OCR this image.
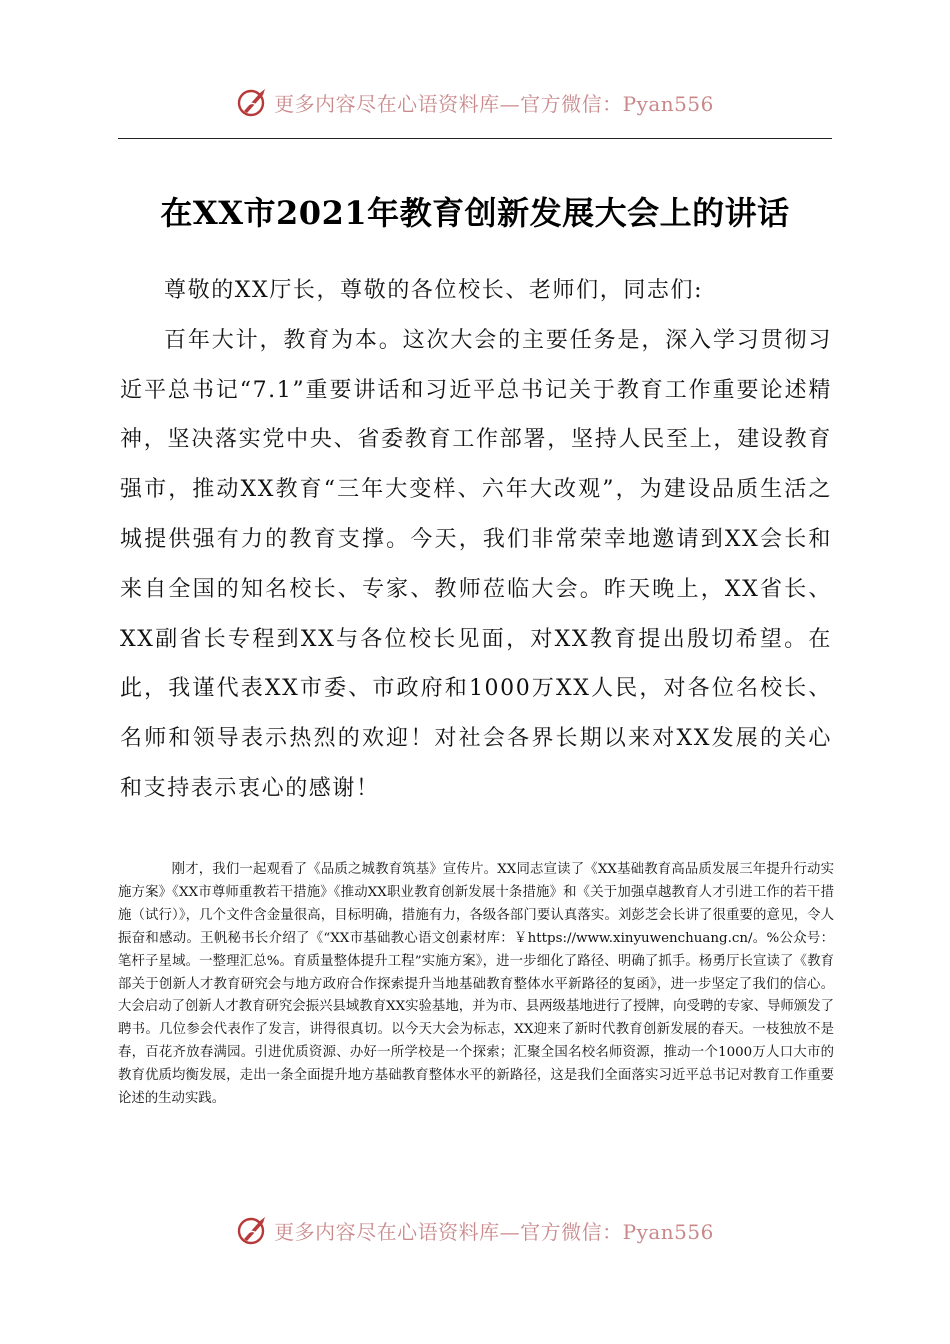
更多内容尽在心语资料库—官方微信：Pyan556
在XX市2021年教育创新发展大会上的讲话

尊敬的XX厅长，尊敬的各位校长、老师们，同志们:

百年大计，教育为本。这次大会的主要任务是，深入学习贯彻习近平总书记“7.1”重要讲话和习近平总书记关于教育工作重要论述精神，坚决落实党中央、省委教育工作部署，坚持人民至上，建设教育强市，推动XX教育“三年大变样、六年大改观”，为建设品质生活之城提供强有力的教育支撑。今天，我们非常荣幸地邀请到XX会长和来自全国的知名校长、专家、教师莅临大会。昨天晚上，XX省长、XX副省长专程到XX与各位校长见面，对XX教育提出殷切希望。在此，我谨代表XX市委、市政府和1000万XX人民，对各位名校长、名师和领导表示热烈的欢迎！对社会各界长期以来对XX发展的关心和支持表示衷心的感谢！

刚才，我们一起观看了《品质之城教育筑基》宣传片。XX同志宣读了《XX基础教育高品质发展三年提升行动实施方案》《XX市尊师重教若干措施》《推动XX职业教育创新发展十条措施》和《关于加强卓越教育人才引进工作的若干措施（试行）》，几个文件含金量很高，目标明确，措施有力，各级各部门要认真落实。刘彭芝会长讲了很重要的意见，令人振奋和感动。王帆秘书长介绍了《“XX市基础教心语文创素材库：￥https://www.xinyuwenchuang.cn/。%公众号：笔杆子星域。一整理汇总%。育质量整体提升工程”实施方案》，进一步细化了路径、明确了抓手。杨勇厅长宣读了《教育部关于创新人才教育研究会与地方政府合作探索提升当地基础教育整体水平新路径的复函》，进一步坚定了我们的信心。大会启动了创新人才教育研究会振兴县域教育XX实验基地，并为市、县两级基地进行了授牌，向受聘的专家、导师颁发了聘书。几位参会代表作了发言，讲得很真切。以今天大会为标志，XX迎来了新时代教育创新发展的春天。一枝独放不是春，百花齐放春满园。引进优质资源、办好一所学校是一个探索；汇聚全国名校名师资源，推动一个1000万人口大市的教育优质均衡发展，走出一条全面提升地方基础教育整体水平的新路径，这是我们全面落实习近平总书记对教育工作重要论述的生动实践。

更多内容尽在心语资料库—官方微信：Pyan556
